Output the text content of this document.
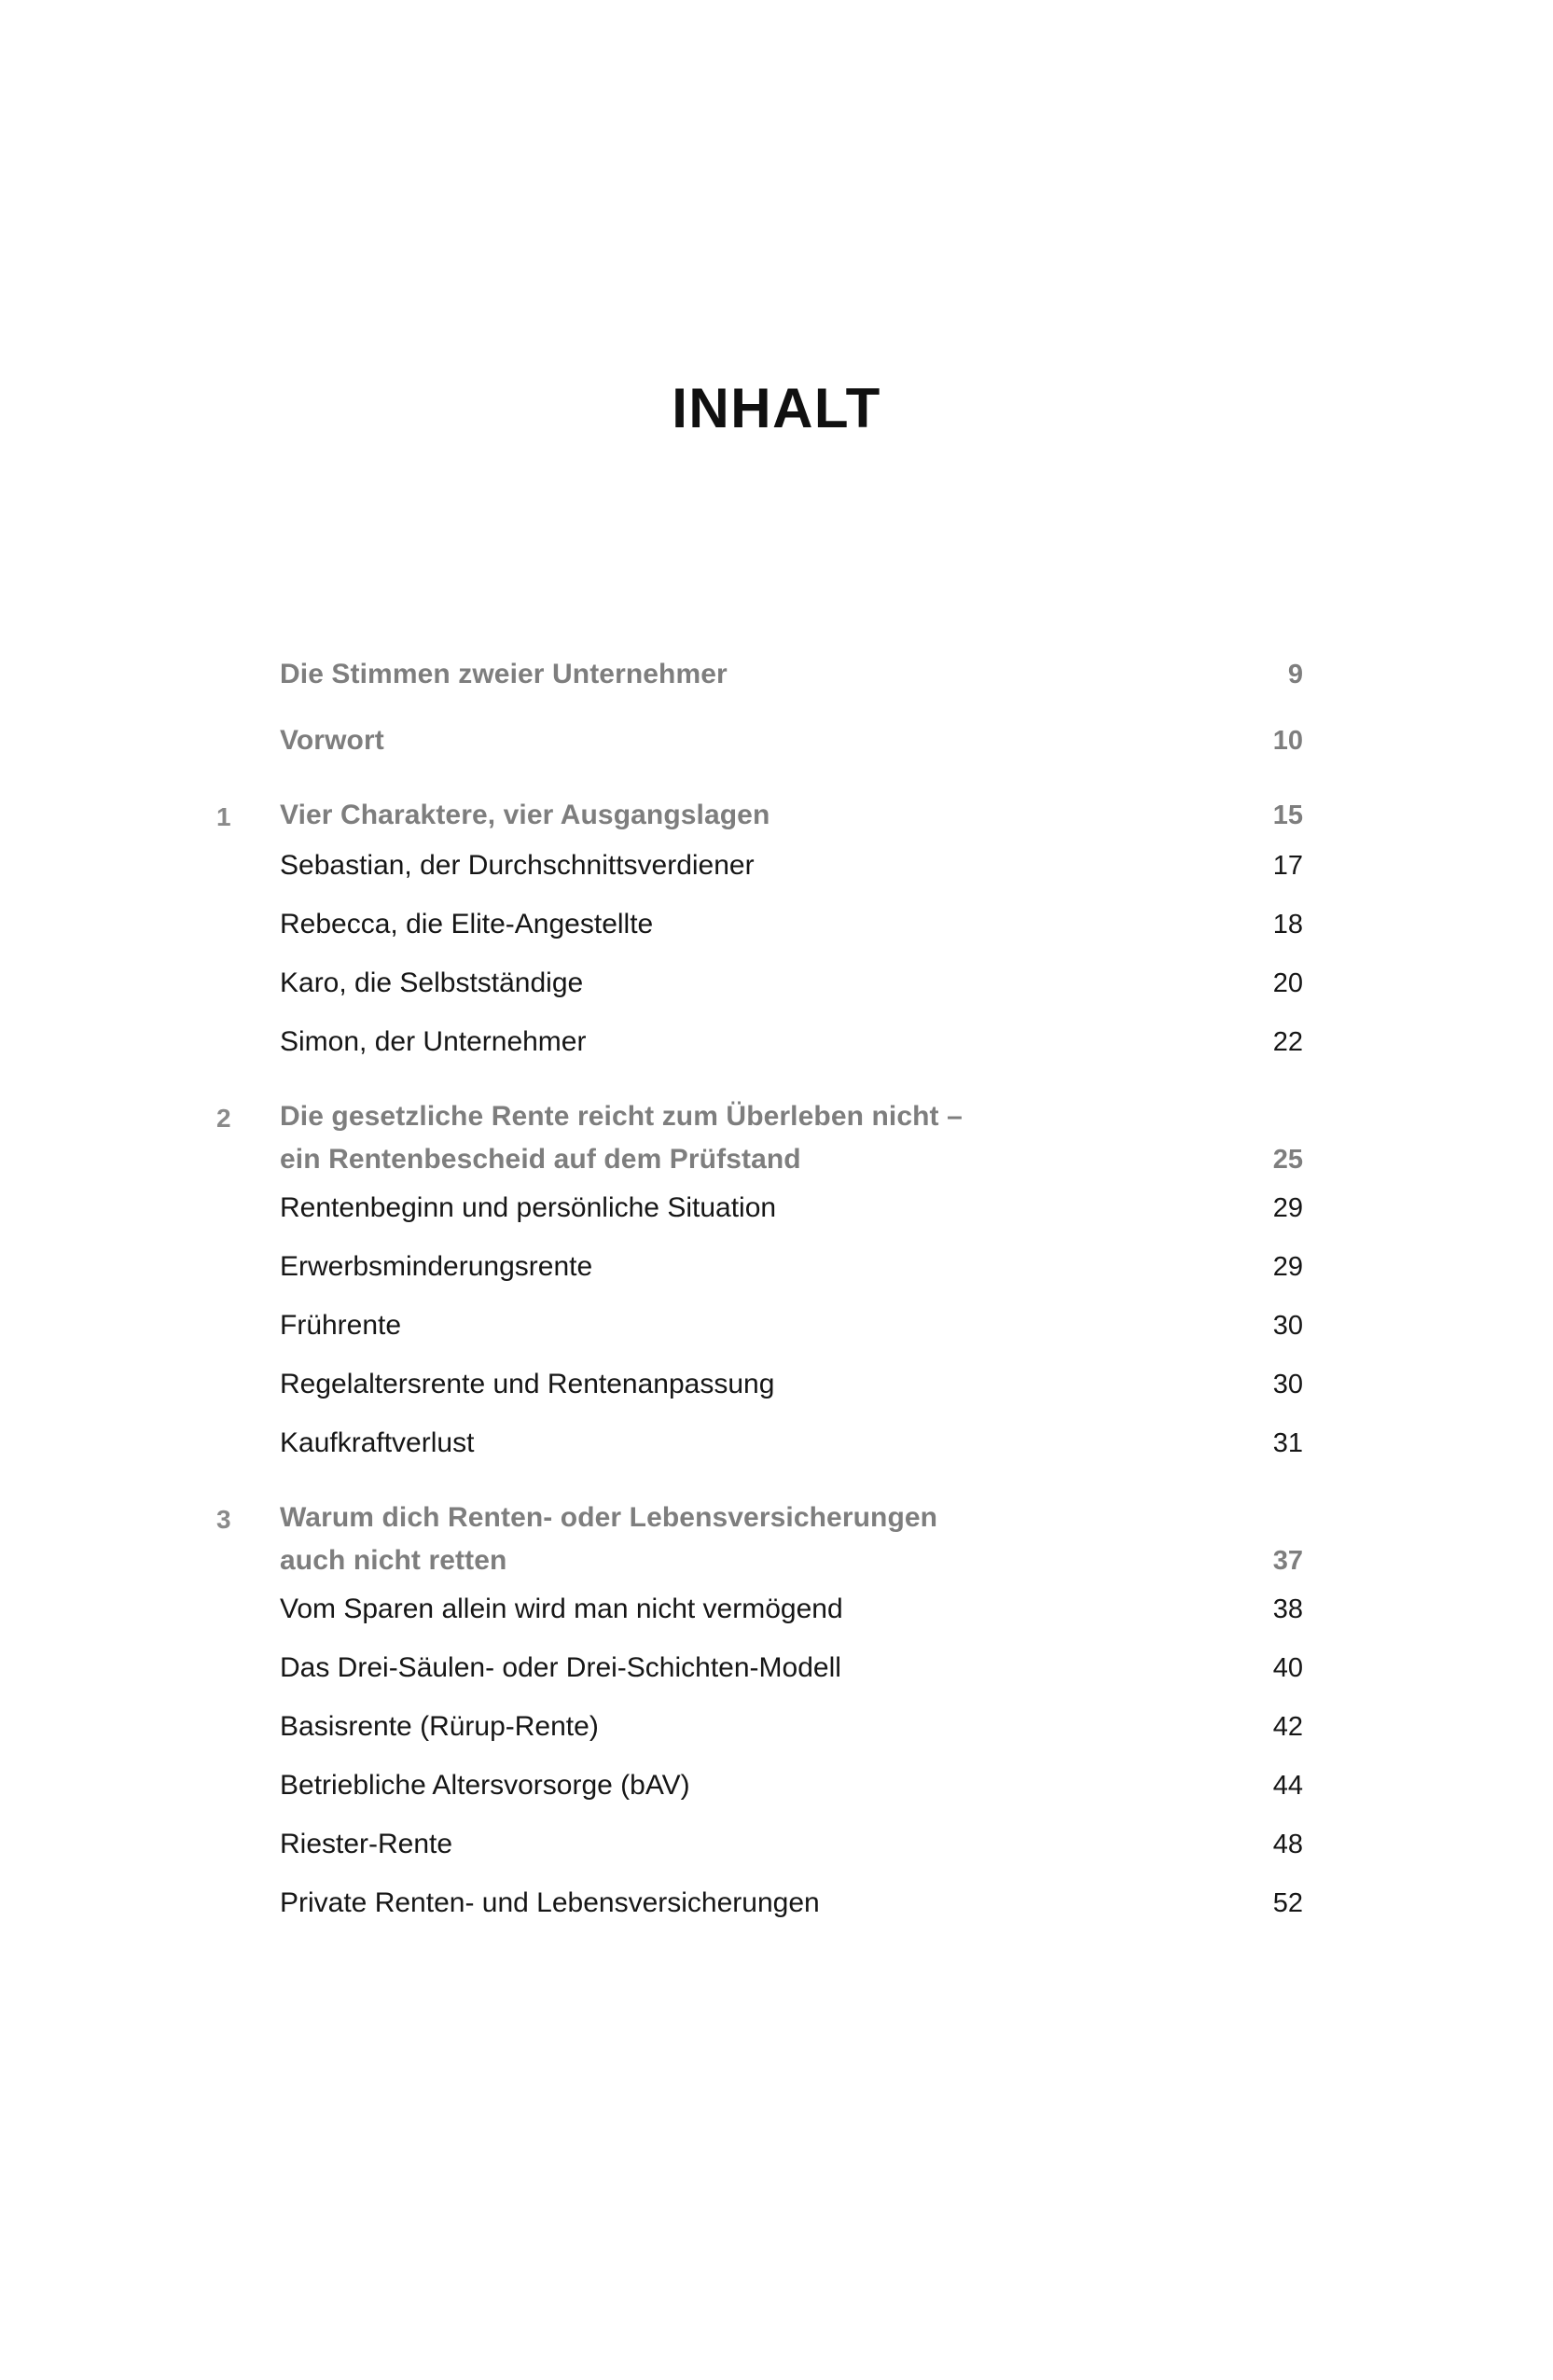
INHALT
Die Stimmen zweier Unternehmer	9
Vorwort	10
1	Vier Charaktere, vier Ausgangslagen	15
Sebastian, der Durchschnittsverdiener	17
Rebecca, die Elite-Angestellte	18
Karo, die Selbstständige	20
Simon, der Unternehmer	22
2	Die gesetzliche Rente reicht zum Überleben nicht –
ein Rentenbescheid auf dem Prüfstand	25
Rentenbeginn und persönliche Situation	29
Erwerbsminderungsrente	29
Frührente	30
Regelaltersrente und Rentenanpassung	30
Kaufkraftverlust	31
3	Warum dich Renten- oder Lebensversicherungen
auch nicht retten	37
Vom Sparen allein wird man nicht vermögend	38
Das Drei-Säulen- oder Drei-Schichten-Modell	40
Basisrente (Rürup-Rente)	42
Betriebliche Altersvorsorge (bAV)	44
Riester-Rente	48
Private Renten- und Lebensversicherungen	52
